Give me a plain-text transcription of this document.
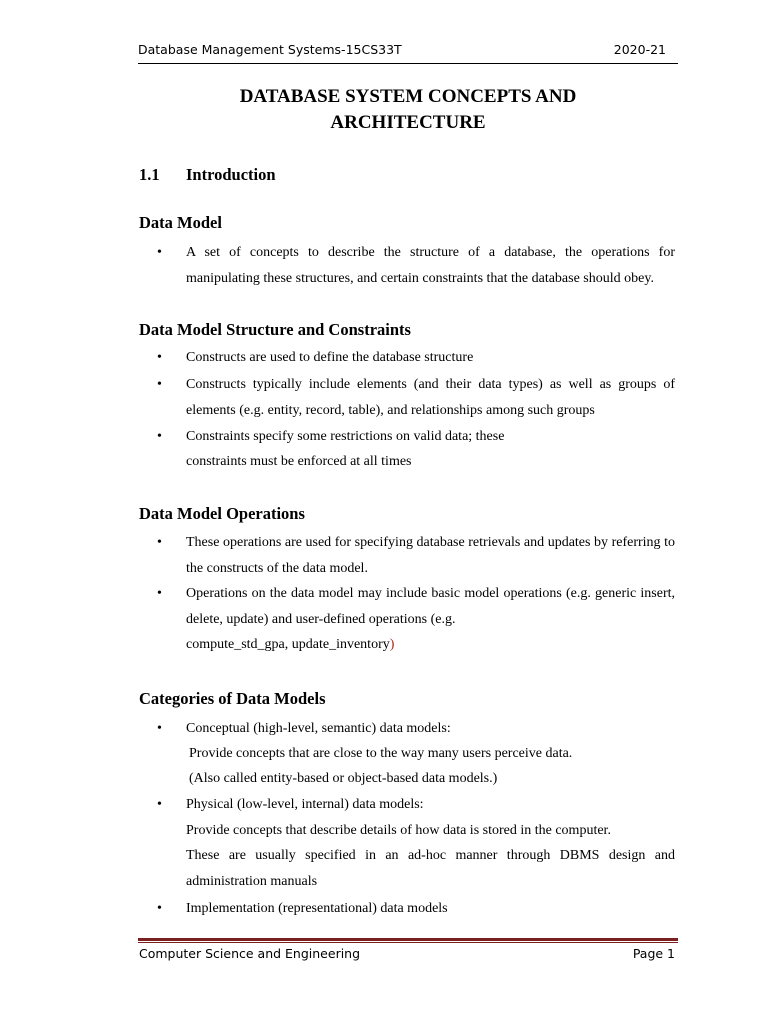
Database Management Systems-15CS33T	2020-21
DATABASE SYSTEM CONCEPTS AND
ARCHITECTURE
1.1 Introduction
Data Model
• A set of concepts to describe the structure of a database, the operations for manipulating these structures, and certain constraints that the database should obey.
Data Model Structure and Constraints
• Constructs are used to define the database structure
• Constructs typically include elements (and their data types) as well as groups of elements (e.g. entity, record, table), and relationships among such groups
• Constraints specify some restrictions on valid data; these
constraints must be enforced at all times
Data Model Operations
• These operations are used for specifying database retrievals and updates by referring to the constructs of the data model.
• Operations on the data model may include basic model operations (e.g. generic insert, delete, update) and user-defined operations (e.g.
compute_std_gpa, update_inventory)
Categories of Data Models
• Conceptual (high-level, semantic) data models:
Provide concepts that are close to the way many users perceive data.
(Also called entity-based or object-based data models.)
• Physical (low-level, internal) data models:
Provide concepts that describe details of how data is stored in the computer.
These are usually specified in an ad-hoc manner through DBMS design and administration manuals
• Implementation (representational) data models
Computer Science and Engineering	Page 1
